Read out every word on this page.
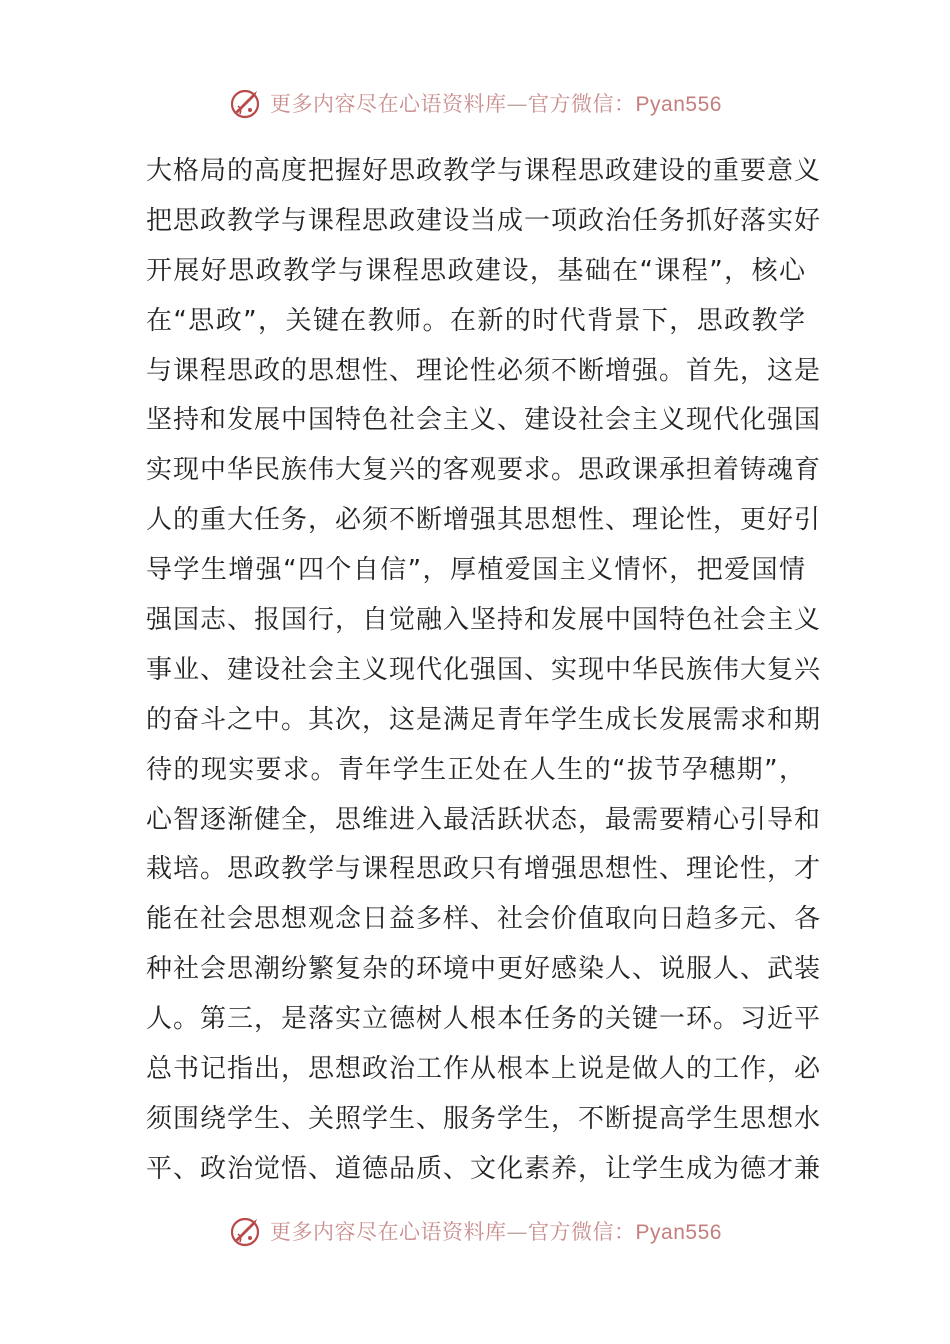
更多内容尽在心语资料库—官方微信：Pyan556
大格局的高度把握好思政教学与课程思政建设的重要意义
把思政教学与课程思政建设当成一项政治任务抓好落实好
开展好思政教学与课程思政建设，基础在“课程”，核心
在“思政”，关键在教师。在新的时代背景下，思政教学
与课程思政的思想性、理论性必须不断增强。首先，这是
坚持和发展中国特色社会主义、建设社会主义现代化强国
实现中华民族伟大复兴的客观要求。思政课承担着铸魂育
人的重大任务，必须不断增强其思想性、理论性，更好引
导学生增强“四个自信”，厚植爱国主义情怀，把爱国情
强国志、报国行，自觉融入坚持和发展中国特色社会主义
事业、建设社会主义现代化强国、实现中华民族伟大复兴
的奋斗之中。其次，这是满足青年学生成长发展需求和期
待的现实要求。青年学生正处在人生的“拔节孕穗期”，
心智逐渐健全，思维进入最活跃状态，最需要精心引导和
栽培。思政教学与课程思政只有增强思想性、理论性，才
能在社会思想观念日益多样、社会价值取向日趋多元、各
种社会思潮纷繁复杂的环境中更好感染人、说服人、武装
人。第三，是落实立德树人根本任务的关键一环。习近平
总书记指出，思想政治工作从根本上说是做人的工作，必
须围绕学生、关照学生、服务学生，不断提高学生思想水
平、政治觉悟、道德品质、文化素养，让学生成为德才兼
更多内容尽在心语资料库—官方微信：Pyan556
